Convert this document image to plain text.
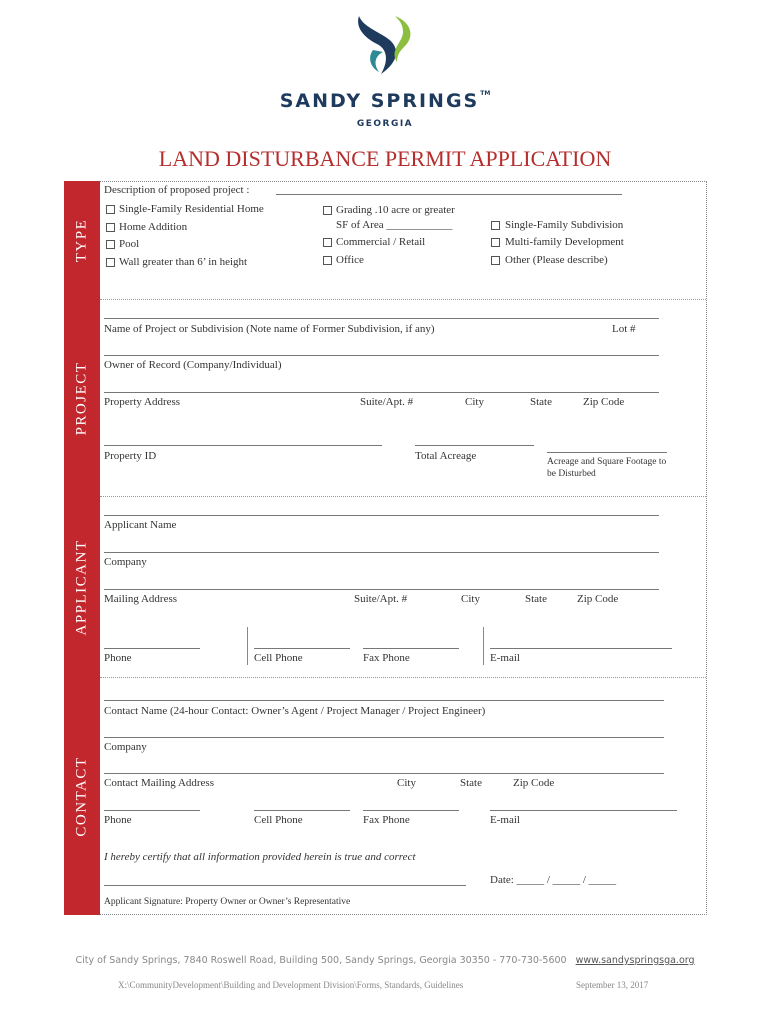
SANDY SPRINGS™
GEORGIA
LAND DISTURBANCE PERMIT APPLICATION
TYPE
PROJECT
APPLICANT
CONTACT
Description of proposed project :
Single-Family Residential Home
Home Addition
Pool
Wall greater than 6’ in height
Grading .10 acre or greater
SF of Area ____________
Commercial / Retail
Office
Single-Family Subdivision
Multi-family Development
Other (Please describe)
Name of Project or Subdivision (Note name of Former Subdivision, if any)	Lot #
Owner of Record (Company/Individual)
Property Address	Suite/Apt. #	City	State	Zip Code
Property ID	Total Acreage	Acreage and Square Footage to
be Disturbed
Applicant Name
Company
Mailing Address	Suite/Apt. #	City	State	Zip Code
Phone	Cell Phone	Fax Phone	E-mail
Contact Name (24-hour Contact: Owner’s Agent / Project Manager / Project Engineer)
Company
Contact Mailing Address	City	State	Zip Code
Phone	Cell Phone	Fax Phone	E-mail
I hereby certify that all information provided herein is true and correct
Date: _____ / _____ / _____
Applicant Signature: Property Owner or Owner’s Representative
City of Sandy Springs, 7840 Roswell Road, Building 500, Sandy Springs, Georgia 30350 - 770-730-5600 www.sandyspringsga.org
X:\CommunityDevelopment\Building and Development Division\Forms, Standards, Guidelines	September 13, 2017
